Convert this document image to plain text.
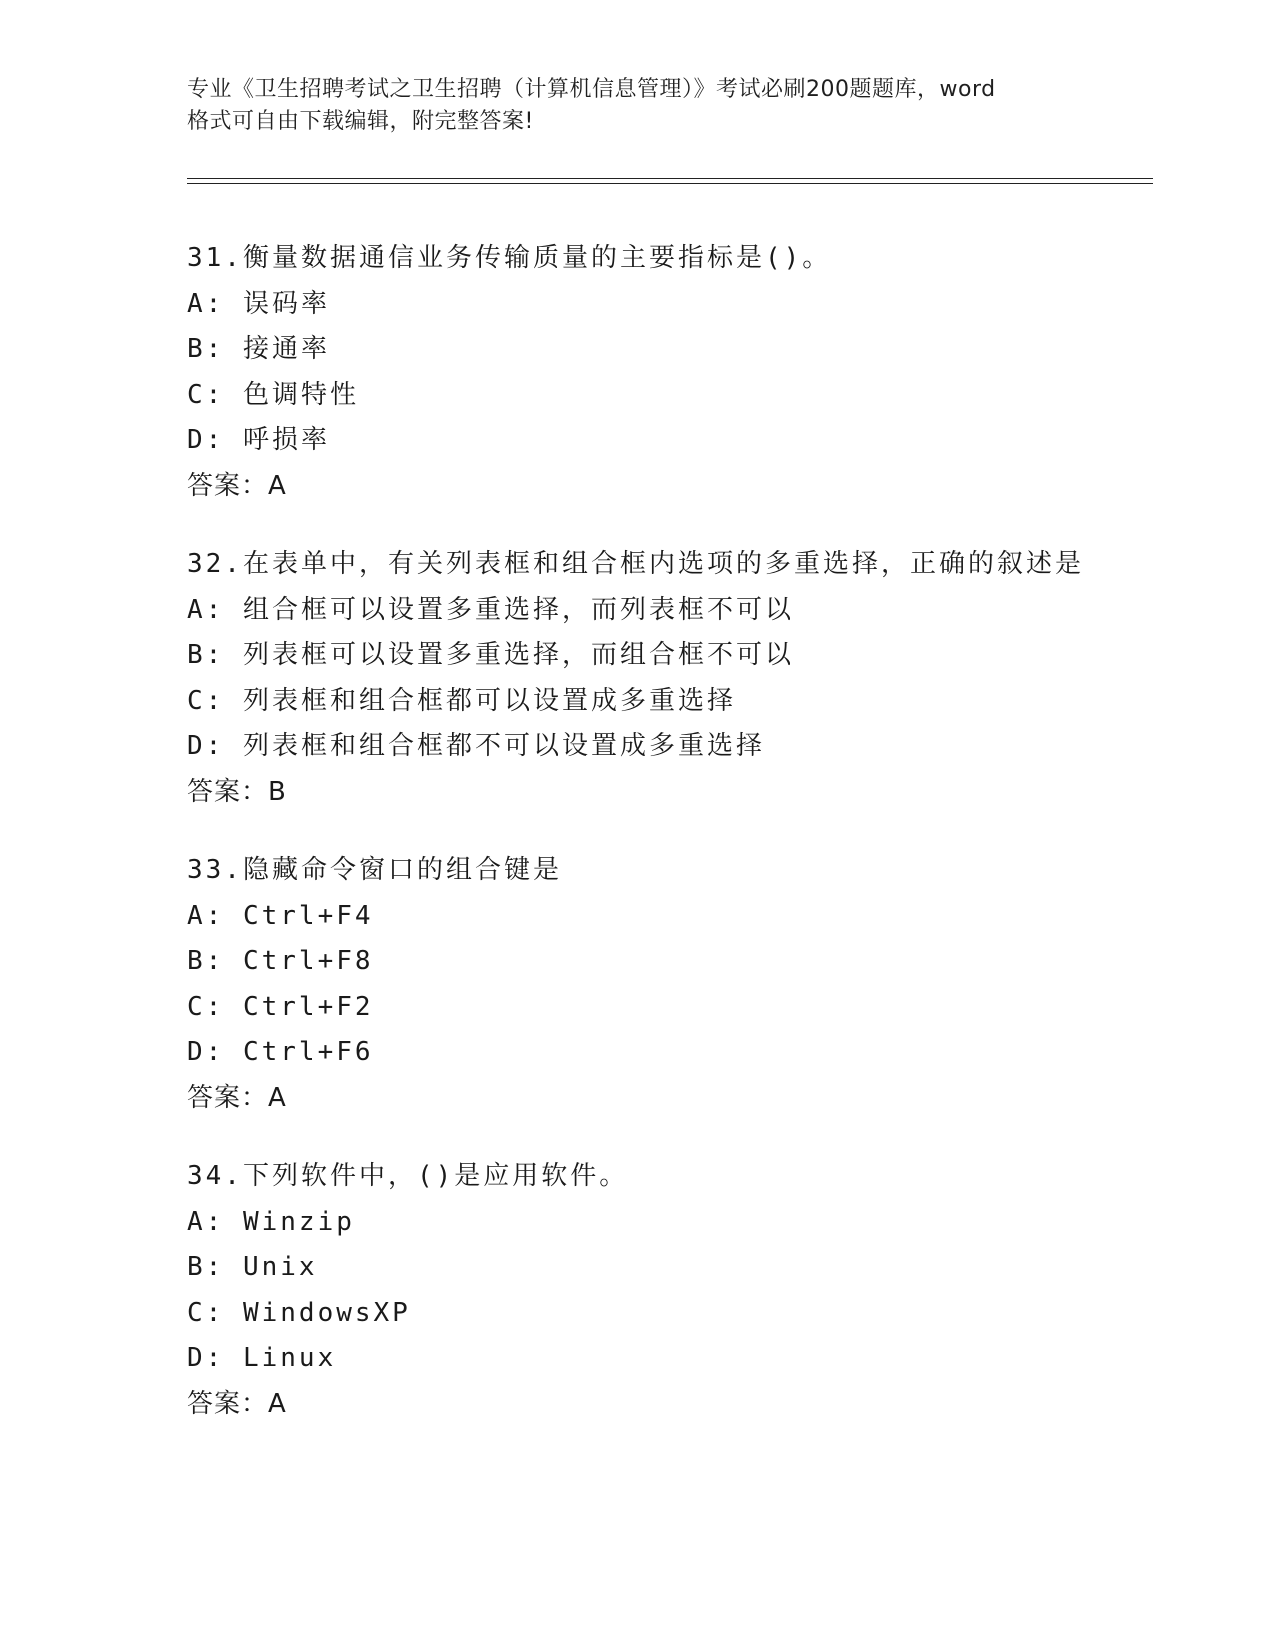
专业《卫生招聘考试之卫生招聘（计算机信息管理）》考试必刷200题题库，word
格式可自由下载编辑，附完整答案!
31.衡量数据通信业务传输质量的主要指标是()。
A: 误码率
B: 接通率
C: 色调特性
D: 呼损率
答案：A
32.在表单中，有关列表框和组合框内选项的多重选择，正确的叙述是
A: 组合框可以设置多重选择，而列表框不可以
B: 列表框可以设置多重选择，而组合框不可以
C: 列表框和组合框都可以设置成多重选择
D: 列表框和组合框都不可以设置成多重选择
答案：B
33.隐藏命令窗口的组合键是
A: Ctrl+F4
B: Ctrl+F8
C: Ctrl+F2
D: Ctrl+F6
答案：A
34.下列软件中，()是应用软件。
A: Winzip
B: Unix
C: WindowsXP
D: Linux
答案：A
